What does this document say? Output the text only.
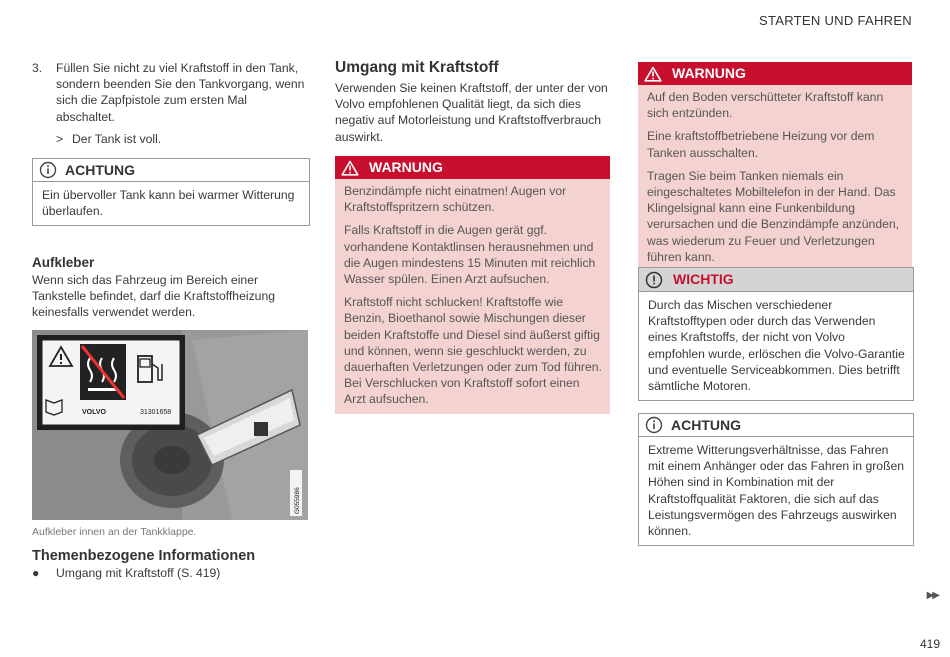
STARTEN UND FAHREN
3.	Füllen Sie nicht zu viel Kraftstoff in den Tank, sondern beenden Sie den Tankvorgang, wenn sich die Zapfpistole zum ersten Mal abschaltet.
> Der Tank ist voll.
ACHTUNG
Ein übervoller Tank kann bei warmer Witterung überlaufen.
Aufkleber
Wenn sich das Fahrzeug im Bereich einer Tankstelle befindet, darf die Kraftstoffheizung keinesfalls verwendet werden.
VOLVO	31301658
G055986
Aufkleber innen an der Tankklappe.
Themenbezogene Informationen
●	Umgang mit Kraftstoff (S. 419)
Umgang mit Kraftstoff
Verwenden Sie keinen Kraftstoff, der unter der von Volvo empfohlenen Qualität liegt, da sich dies negativ auf Motorleistung und Kraftstoffverbrauch auswirkt.
WARNUNG

Benzindämpfe nicht einatmen! Augen vor Kraftstoffspritzern schützen.

Falls Kraftstoff in die Augen gerät ggf. vorhandene Kontaktlinsen herausnehmen und die Augen mindestens 15 Minuten mit reichlich Wasser spülen. Einen Arzt aufsuchen.

Kraftstoff nicht schlucken! Kraftstoffe wie Benzin, Bioethanol sowie Mischungen dieser beiden Kraftstoffe und Diesel sind äußerst giftig und können, wenn sie geschluckt werden, zu dauerhaften Verletzungen oder zum Tod führen. Bei Verschlucken von Kraftstoff sofort einen Arzt aufsuchen.

WARNUNG

Auf den Boden verschütteter Kraftstoff kann sich entzünden.

Eine kraftstoffbetriebene Heizung vor dem Tanken ausschalten.

Tragen Sie beim Tanken niemals ein eingeschaltetes Mobiltelefon in der Hand. Das Klingelsignal kann eine Funkenbildung verursachen und die Benzindämpfe anzünden, was wiederum zu Feuer und Verletzungen führen kann.

WICHTIG
Durch das Mischen verschiedener Kraftstofftypen oder durch das Verwenden eines Kraftstoffs, der nicht von Volvo empfohlen wurde, erlöschen die Volvo-Garantie und eventuelle Serviceabkommen. Dies betrifft sämtliche Motoren.
ACHTUNG
Extreme Witterungsverhältnisse, das Fahren mit einem Anhänger oder das Fahren in großen Höhen sind in Kombination mit der Kraftstoffqualität Faktoren, die sich auf das Leistungsvermögen des Fahrzeugs auswirken können.
▶▶
419
